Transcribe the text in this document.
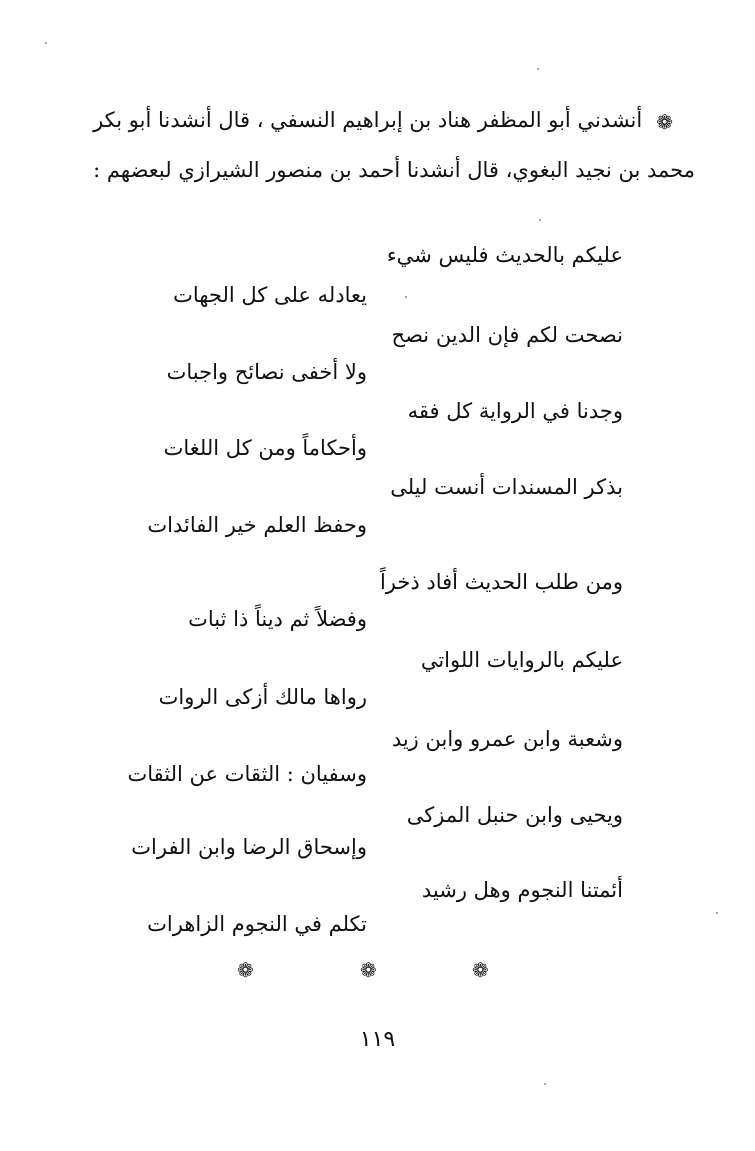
❁أنشدني أبو المظفر هناد بن إبراهيم النسفي ، قال أنشدنا أبو بكر
محمد بن نجيد البغوي، قال أنشدنا أحمد بن منصور الشيرازي لبعضهم :
عليكم بالحديث فليس شيء
يعادله على كل الجهات
نصحت لكم فإن الدين نصح
ولا أخفى نصائح واجبات
وجدنا في الرواية كل فقه
وأحكاماً ومن كل اللغات
بذكر المسندات أنست ليلى
وحفظ العلم خير الفائدات
ومن طلب الحديث أفاد ذخراً
وفضلاً ثم ديناً ذا ثبات
عليكم بالروايات اللواتي
رواها مالك أزكى الروات
وشعبة وابن عمرو وابن زيد
وسفيان : الثقات عن الثقات
ويحيى وابن حنبل المزكى
وإسحاق الرضا وابن الفرات
أئمتنا النجوم وهل رشيد
تكلم في النجوم الزاهرات
❁	❁	❁
١١٩
